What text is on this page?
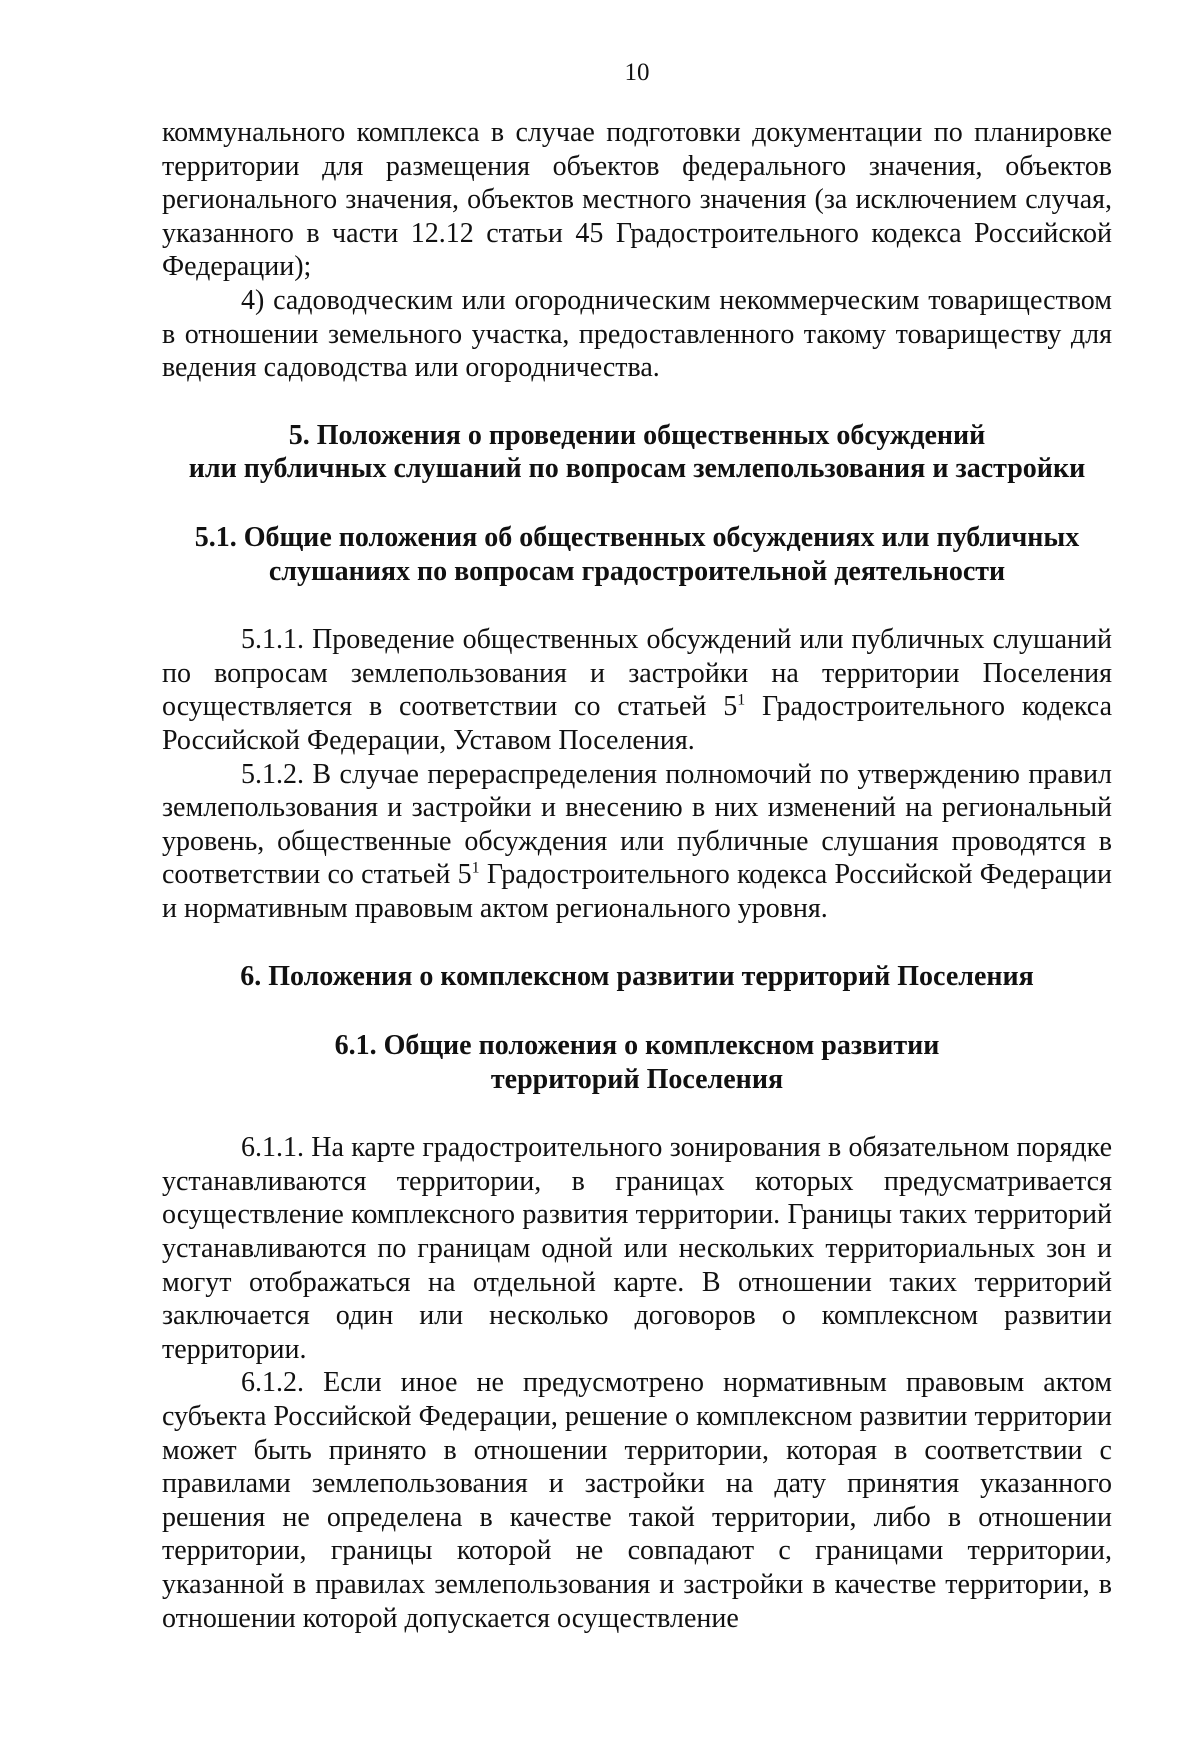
10

коммунального комплекса в случае подготовки документации по планировке территории для размещения объектов федерального значения, объектов регионального значения, объектов местного значения (за исключением случая, указанного в части 12.12 статьи 45 Градостроительного кодекса Российской Федерации);

4) садоводческим или огородническим некоммерческим товариществом в отношении земельного участка, предоставленного такому товариществу для ведения садоводства или огородничества.

5. Положения о проведении общественных обсуждений
или публичных слушаний по вопросам землепользования и застройки
5.1. Общие положения об общественных обсуждениях или публичных
слушаниях по вопросам градостроительной деятельности

5.1.1. Проведение общественных обсуждений или публичных слушаний по вопросам землепользования и застройки на территории Поселения осуществляется в соответствии со статьей $5^1$ Градостроительного кодекса Российской Федерации, Уставом Поселения.

5.1.2. В случае перераспределения полномочий по утверждению правил землепользования и застройки и внесению в них изменений на региональный уровень, общественные обсуждения или публичные слушания проводятся в соответствии со статьей $5^1$ Градостроительного кодекса Российской Федерации и нормативным правовым актом регионального уровня.

6. Положения о комплексном развитии территорий Поселения
6.1. Общие положения о комплексном развитии
территорий Поселения

6.1.1. На карте градостроительного зонирования в обязательном порядке устанавливаются территории, в границах которых предусматривается осуществление комплексного развития территории. Границы таких территорий устанавливаются по границам одной или нескольких территориальных зон и могут отображаться на отдельной карте. В отношении таких территорий заключается один или несколько договоров о комплексном развитии территории.

6.1.2. Если иное не предусмотрено нормативным правовым актом субъекта Российской Федерации, решение о комплексном развитии территории может быть принято в отношении территории, которая в соответствии с правилами землепользования и застройки на дату принятия указанного решения не определена в качестве такой территории, либо в отношении территории, границы которой не совпадают с границами территории, указанной в правилах землепользования и застройки в качестве территории, в отношении которой допускается осуществление
